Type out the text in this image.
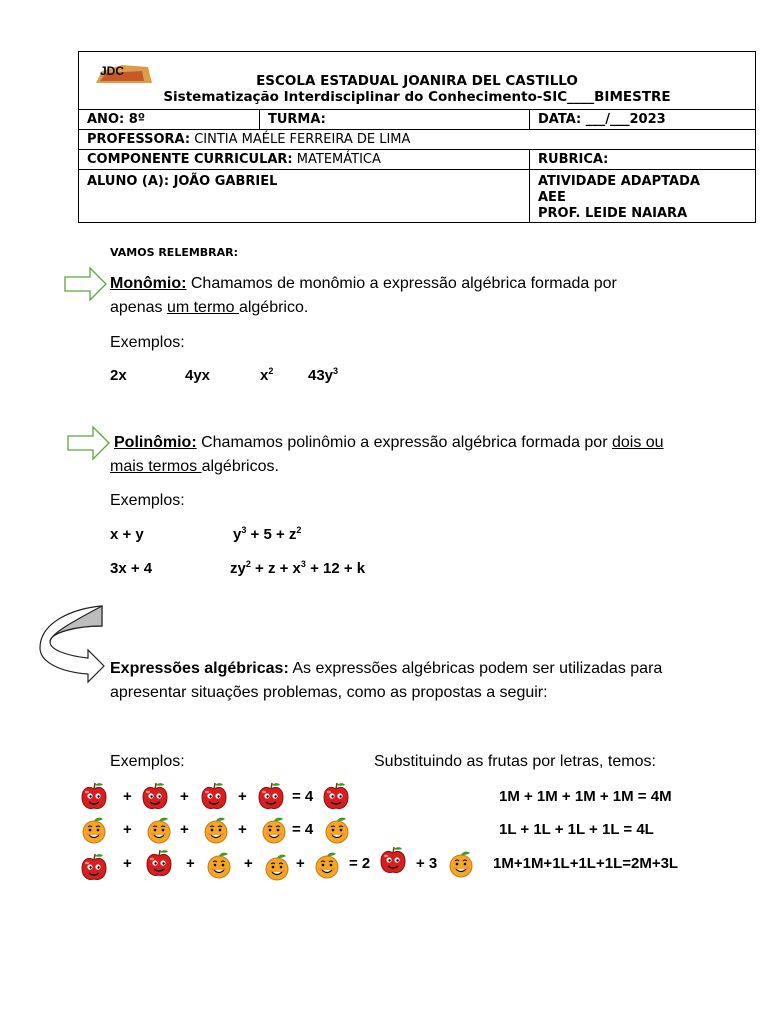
JDC
ESCOLA ESTADUAL JOANIRA DEL CASTILLO
Sistematização Interdisciplinar do Conhecimento-SIC____BIMESTRE
ANO: 8º	TURMA:	DATA: ___/___2023
PROFESSORA: CINTIA MAÉLE FERREIRA DE LIMA
COMPONENTE CURRICULAR: MATEMÁTICA	RUBRICA:
ALUNO (A): JOÃO GABRIEL	ATIVIDADE ADAPTADA
AEE
PROF. LEIDE NAIARA
VAMOS RELEMBRAR:
Monômio: Chamamos de monômio a expressão algébrica formada por
apenas um termo algébrico.
Exemplos:
2x	4yx	$x^2$ $43y^3$
Polinômio: Chamamos polinômio a expressão algébrica formada por dois ou
mais termos algébricos.
Exemplos:
x + y	$y^3 + 5 + z^2$
3x + 4	$zy^2 + z + x^3 + 12 + k$
Expressões algébricas: As expressões algébricas podem ser utilizadas para
apresentar situações problemas, como as propostas a seguir:
Exemplos:	Substituindo as frutas por letras, temos:
+	+	+	= 4	1M + 1M + 1M + 1M = 4M
+	+	+	= 4	1L + 1L + 1L + 1L = 4L
+	+	+	+	= 2	+ 3	1M+1M+1L+1L+1L=2M+3L
